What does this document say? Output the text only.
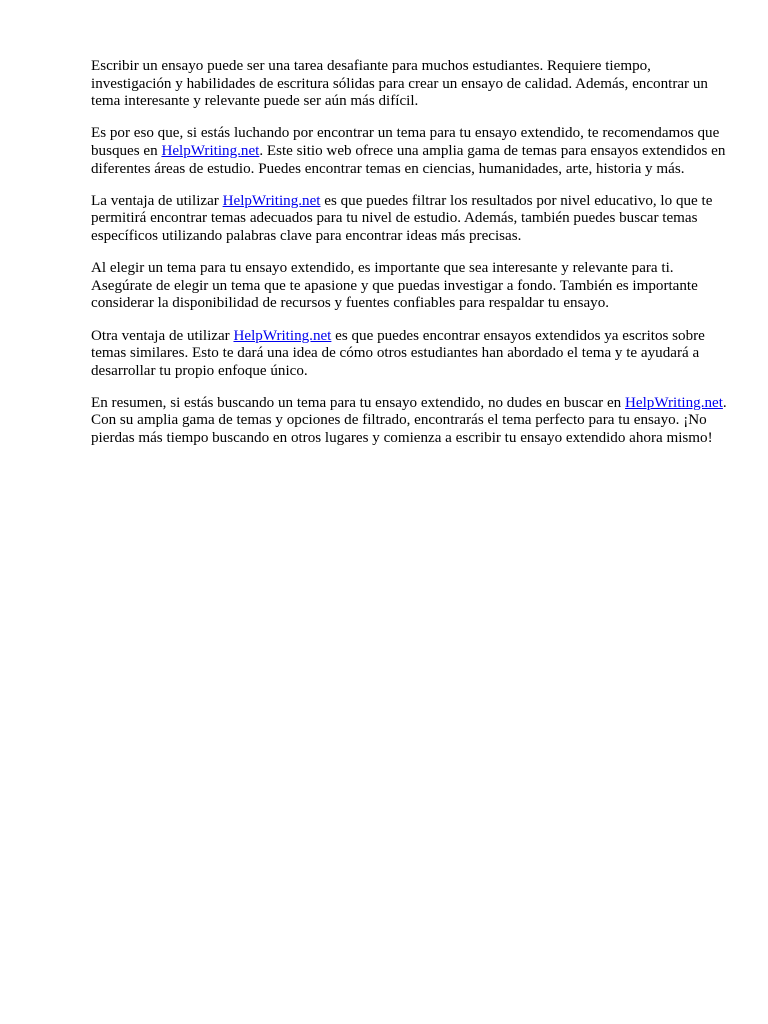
Escribir un ensayo puede ser una tarea desafiante para muchos estudiantes. Requiere tiempo, investigación y habilidades de escritura sólidas para crear un ensayo de calidad. Además, encontrar un tema interesante y relevante puede ser aún más difícil.

Es por eso que, si estás luchando por encontrar un tema para tu ensayo extendido, te recomendamos que busques en HelpWriting.net. Este sitio web ofrece una amplia gama de temas para ensayos extendidos en diferentes áreas de estudio. Puedes encontrar temas en ciencias, humanidades, arte, historia y más.

La ventaja de utilizar HelpWriting.net es que puedes filtrar los resultados por nivel educativo, lo que te permitirá encontrar temas adecuados para tu nivel de estudio. Además, también puedes buscar temas específicos utilizando palabras clave para encontrar ideas más precisas.

Al elegir un tema para tu ensayo extendido, es importante que sea interesante y relevante para ti. Asegúrate de elegir un tema que te apasione y que puedas investigar a fondo. También es importante considerar la disponibilidad de recursos y fuentes confiables para respaldar tu ensayo.

Otra ventaja de utilizar HelpWriting.net es que puedes encontrar ensayos extendidos ya escritos sobre temas similares. Esto te dará una idea de cómo otros estudiantes han abordado el tema y te ayudará a desarrollar tu propio enfoque único.

En resumen, si estás buscando un tema para tu ensayo extendido, no dudes en buscar en HelpWriting.net. Con su amplia gama de temas y opciones de filtrado, encontrarás el tema perfecto para tu ensayo. ¡No pierdas más tiempo buscando en otros lugares y comienza a escribir tu ensayo extendido ahora mismo!
